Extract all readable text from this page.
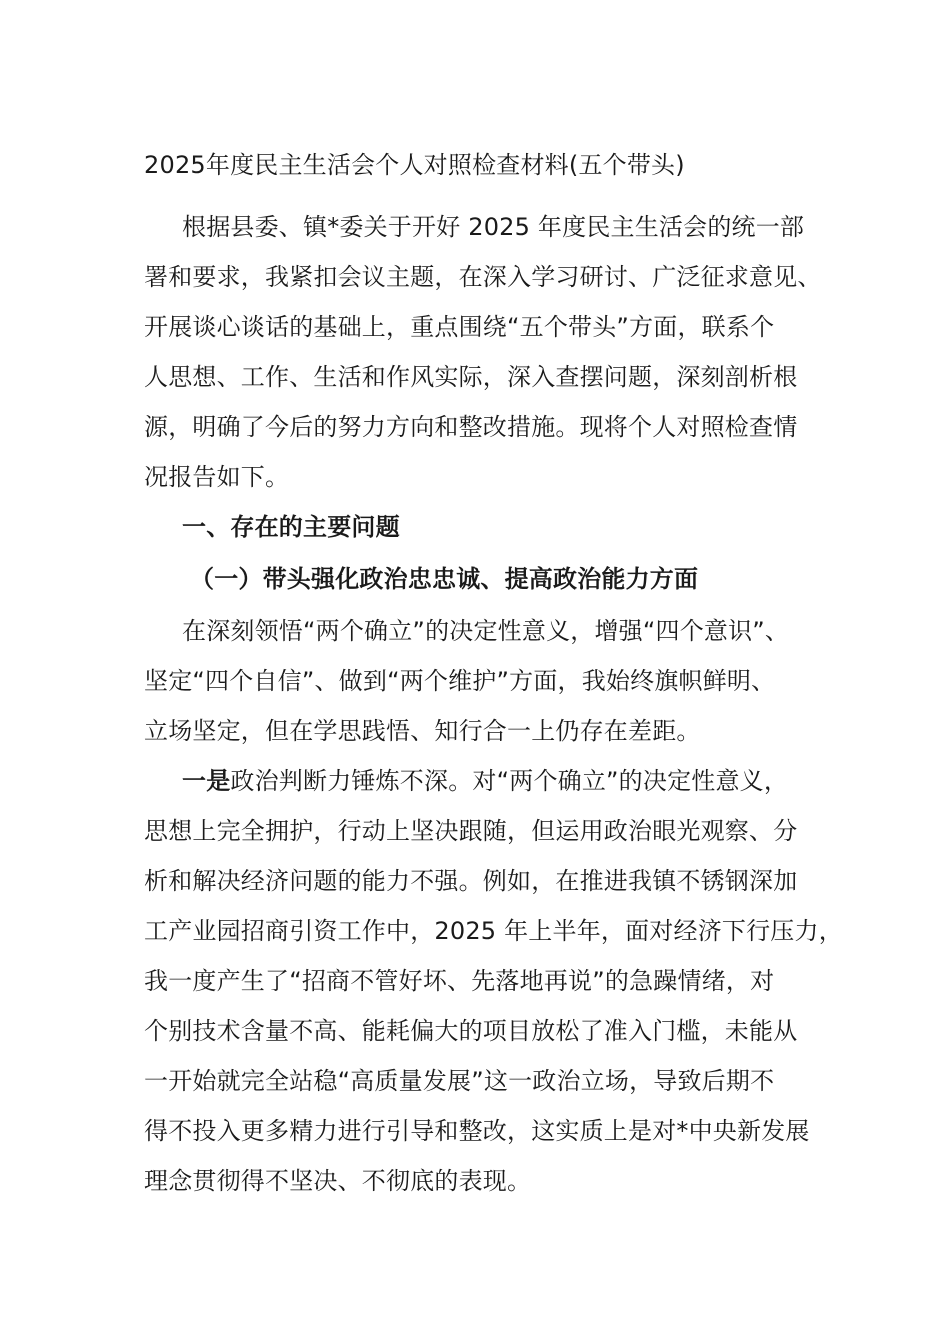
2025年度民主生活会个人对照检查材料(五个带头)
根据县委、镇*委关于开好 2025 年度民主生活会的统一部
署和要求，我紧扣会议主题，在深入学习研讨、广泛征求意见、
开展谈心谈话的基础上，重点围绕“五个带头”方面，联系个
人思想、工作、生活和作风实际，深入查摆问题，深刻剖析根
源，明确了今后的努力方向和整改措施。现将个人对照检查情
况报告如下。
一、存在的主要问题
（一）带头强化政治忠忠诚、提高政治能力方面
在深刻领悟“两个确立”的决定性意义，增强“四个意识”、
坚定“四个自信”、做到“两个维护”方面，我始终旗帜鲜明、
立场坚定，但在学思践悟、知行合一上仍存在差距。
一是政治判断力锤炼不深。对“两个确立”的决定性意义，
思想上完全拥护，行动上坚决跟随，但运用政治眼光观察、分
析和解决经济问题的能力不强。例如，在推进我镇不锈钢深加
工产业园招商引资工作中，2025 年上半年，面对经济下行压力，
我一度产生了“招商不管好坏、先落地再说”的急躁情绪，对
个别技术含量不高、能耗偏大的项目放松了准入门槛，未能从
一开始就完全站稳“高质量发展”这一政治立场，导致后期不
得不投入更多精力进行引导和整改，这实质上是对*中央新发展
理念贯彻得不坚决、不彻底的表现。
